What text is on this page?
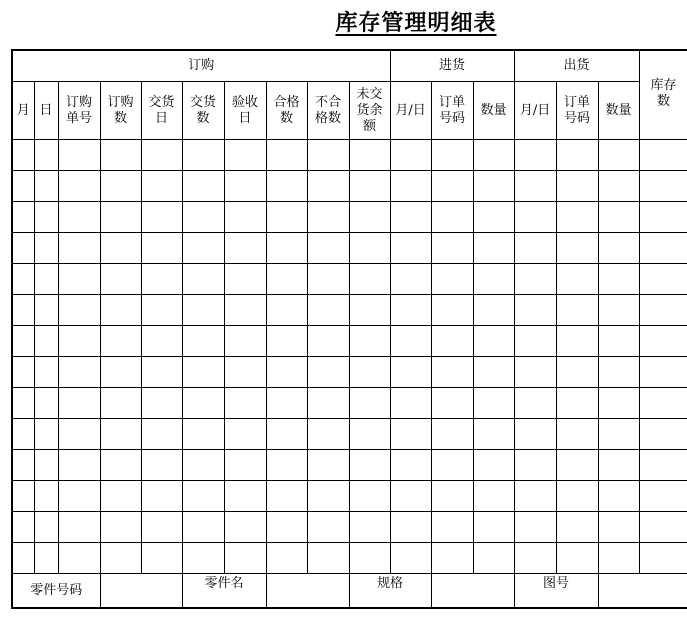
库存管理明细表
订购										进货			出货			库存数
月	日	订购单号	订购数	交货日	交货数	验收日	合格数	不合格数	未交货余额	月/日	订单号码	数量	月/日	订单号码	数量	

零件号码					零件名				规格				图号			
